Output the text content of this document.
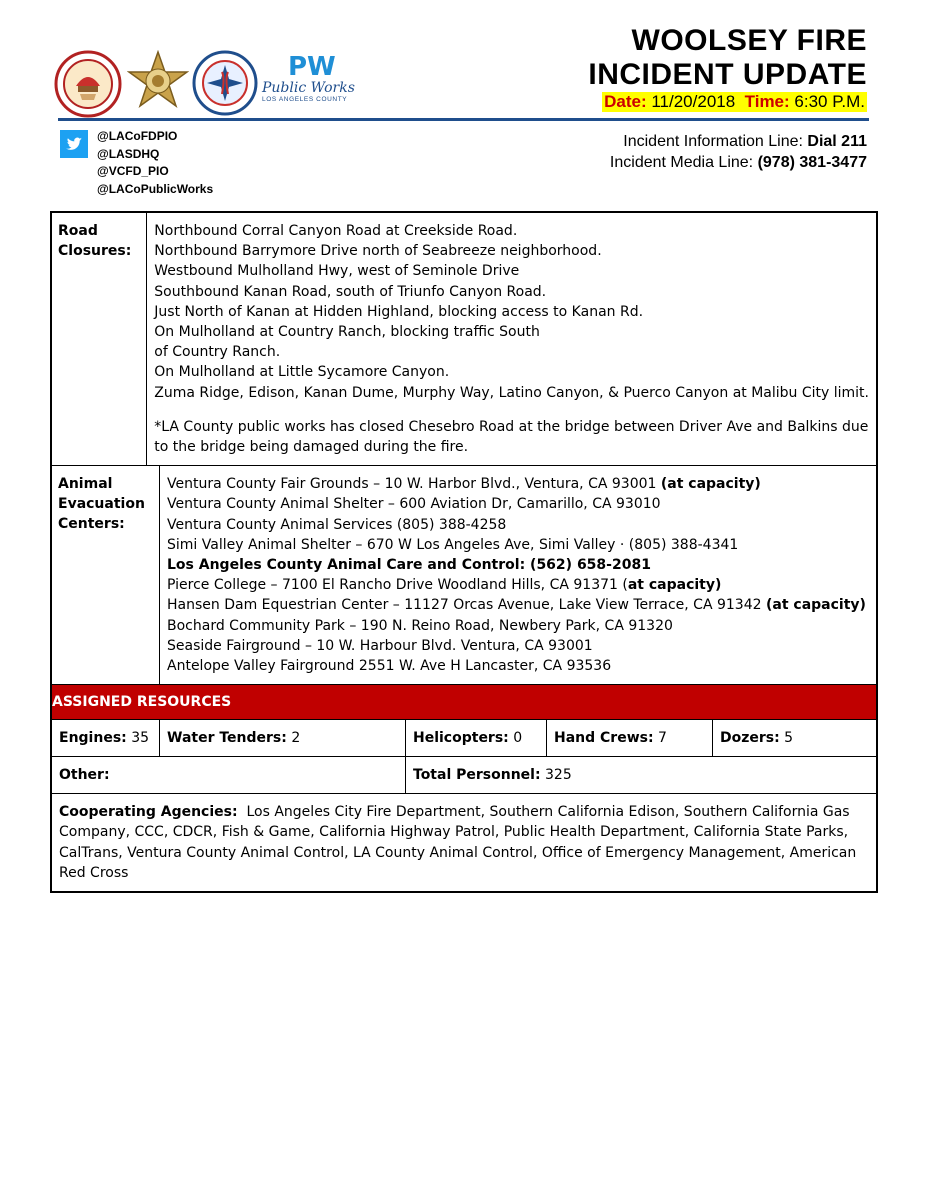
PW
Public Works
LOS ANGELES COUNTY
WOOLSEY FIRE
INCIDENT UPDATE
Date: 11/20/2018 Time: 6:30 P.M.
@LACoFDPIO
@LASDHQ
@VCFD_PIO
@LACoPublicWorks
Incident Information Line: Dial 211
Incident Media Line: (978) 381-3477
Road Closures:
Northbound Corral Canyon Road at Creekside Road.
Northbound Barrymore Drive north of Seabreeze neighborhood.
Westbound Mulholland Hwy, west of Seminole Drive
Southbound Kanan Road, south of Triunfo Canyon Road.
Just North of Kanan at Hidden Highland, blocking access to Kanan Rd.
On Mulholland at Country Ranch, blocking traffic South
of Country Ranch.
On Mulholland at Little Sycamore Canyon.
Zuma Ridge, Edison, Kanan Dume, Murphy Way, Latino Canyon, & Puerco Canyon at Malibu City limit.
*LA County public works has closed Chesebro Road at the bridge between Driver Ave and Balkins due to the bridge being damaged during the fire.
Animal Evacuation Centers:
Ventura County Fair Grounds – 10 W. Harbor Blvd., Ventura, CA 93001 (at capacity)
Ventura County Animal Shelter – 600 Aviation Dr, Camarillo, CA 93010
Ventura County Animal Services (805) 388-4258
Simi Valley Animal Shelter – 670 W Los Angeles Ave, Simi Valley · (805) 388-4341
Los Angeles County Animal Care and Control: (562) 658-2081
Pierce College – 7100 El Rancho Drive Woodland Hills, CA 91371 (at capacity)
Hansen Dam Equestrian Center – 11127 Orcas Avenue, Lake View Terrace, CA 91342 (at capacity)
Bochard Community Park – 190 N. Reino Road, Newbery Park, CA 91320
Seaside Fairground – 10 W. Harbour Blvd. Ventura, CA 93001
Antelope Valley Fairground 2551 W. Ave H Lancaster, CA 93536
ASSIGNED RESOURCES
Engines: 35	Water Tenders: 2	Helicopters: 0	Hand Crews: 7	Dozers: 5
Other:	Total Personnel: 325
Cooperating Agencies: Los Angeles City Fire Department, Southern California Edison, Southern California Gas Company, CCC, CDCR, Fish & Game, California Highway Patrol, Public Health Department, California State Parks, CalTrans, Ventura County Animal Control, LA County Animal Control, Office of Emergency Management, American Red Cross
